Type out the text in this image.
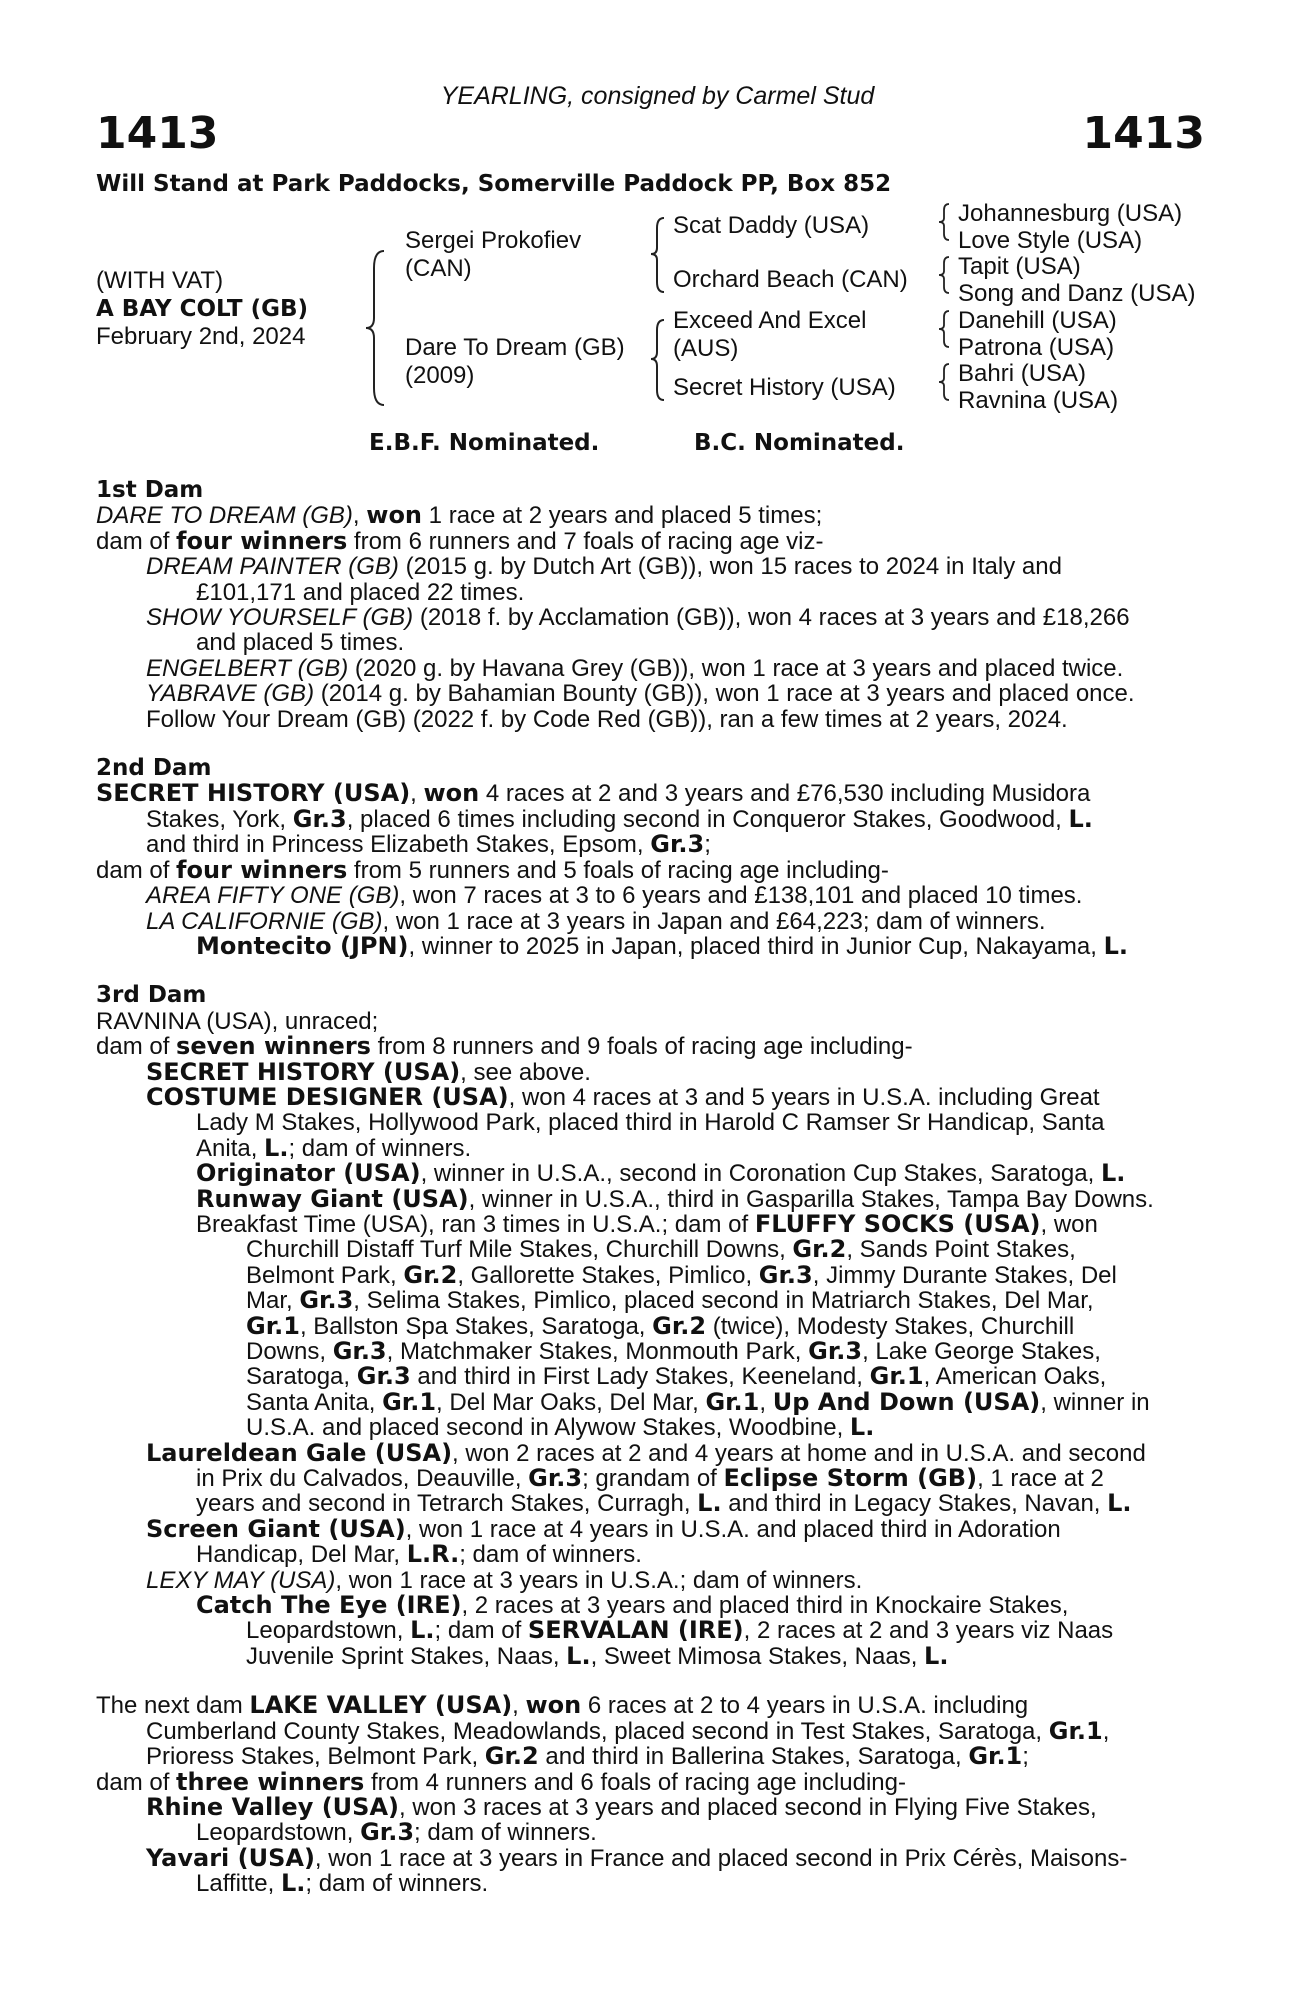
YEARLING, consigned by Carmel Stud
1413	1413
Will Stand at Park Paddocks, Somerville Paddock PP, Box 852
(WITH VAT)
A BAY COLT (GB)
February 2nd, 2024
Sergei Prokofiev
(CAN)
Dare To Dream (GB)
(2009)
Scat Daddy (USA)
Orchard Beach (CAN)
Exceed And Excel
(AUS)
Secret History (USA)
Johannesburg (USA)
Love Style (USA)
Tapit (USA)
Song and Danz (USA)
Danehill (USA)
Patrona (USA)
Bahri (USA)
Ravnina (USA)
E.B.F. Nominated.	B.C. Nominated.
1st Dam
DARE TO DREAM (GB), won 1 race at 2 years and placed 5 times;
dam of four winners from 6 runners and 7 foals of racing age viz-
DREAM PAINTER (GB) (2015 g. by Dutch Art (GB)), won 15 races to 2024 in Italy and
£101,171 and placed 22 times.
SHOW YOURSELF (GB) (2018 f. by Acclamation (GB)), won 4 races at 3 years and £18,266
and placed 5 times.
ENGELBERT (GB) (2020 g. by Havana Grey (GB)), won 1 race at 3 years and placed twice.
YABRAVE (GB) (2014 g. by Bahamian Bounty (GB)), won 1 race at 3 years and placed once.
Follow Your Dream (GB) (2022 f. by Code Red (GB)), ran a few times at 2 years, 2024.
2nd Dam
SECRET HISTORY (USA), won 4 races at 2 and 3 years and £76,530 including Musidora
Stakes, York, Gr.3, placed 6 times including second in Conqueror Stakes, Goodwood, L.
and third in Princess Elizabeth Stakes, Epsom, Gr.3;
dam of four winners from 5 runners and 5 foals of racing age including-
AREA FIFTY ONE (GB), won 7 races at 3 to 6 years and £138,101 and placed 10 times.
LA CALIFORNIE (GB), won 1 race at 3 years in Japan and £64,223; dam of winners.
Montecito (JPN), winner to 2025 in Japan, placed third in Junior Cup, Nakayama, L.
3rd Dam
RAVNINA (USA), unraced;
dam of seven winners from 8 runners and 9 foals of racing age including-
SECRET HISTORY (USA), see above.
COSTUME DESIGNER (USA), won 4 races at 3 and 5 years in U.S.A. including Great
Lady M Stakes, Hollywood Park, placed third in Harold C Ramser Sr Handicap, Santa
Anita, L.; dam of winners.
Originator (USA), winner in U.S.A., second in Coronation Cup Stakes, Saratoga, L.
Runway Giant (USA), winner in U.S.A., third in Gasparilla Stakes, Tampa Bay Downs.
Breakfast Time (USA), ran 3 times in U.S.A.; dam of FLUFFY SOCKS (USA), won
Churchill Distaff Turf Mile Stakes, Churchill Downs, Gr.2, Sands Point Stakes,
Belmont Park, Gr.2, Gallorette Stakes, Pimlico, Gr.3, Jimmy Durante Stakes, Del
Mar, Gr.3, Selima Stakes, Pimlico, placed second in Matriarch Stakes, Del Mar,
Gr.1, Ballston Spa Stakes, Saratoga, Gr.2 (twice), Modesty Stakes, Churchill
Downs, Gr.3, Matchmaker Stakes, Monmouth Park, Gr.3, Lake George Stakes,
Saratoga, Gr.3 and third in First Lady Stakes, Keeneland, Gr.1, American Oaks,
Santa Anita, Gr.1, Del Mar Oaks, Del Mar, Gr.1, Up And Down (USA), winner in
U.S.A. and placed second in Alywow Stakes, Woodbine, L.
Laureldean Gale (USA), won 2 races at 2 and 4 years at home and in U.S.A. and second
in Prix du Calvados, Deauville, Gr.3; grandam of Eclipse Storm (GB), 1 race at 2
years and second in Tetrarch Stakes, Curragh, L. and third in Legacy Stakes, Navan, L.
Screen Giant (USA), won 1 race at 4 years in U.S.A. and placed third in Adoration
Handicap, Del Mar, L.R.; dam of winners.
LEXY MAY (USA), won 1 race at 3 years in U.S.A.; dam of winners.
Catch The Eye (IRE), 2 races at 3 years and placed third in Knockaire Stakes,
Leopardstown, L.; dam of SERVALAN (IRE), 2 races at 2 and 3 years viz Naas
Juvenile Sprint Stakes, Naas, L., Sweet Mimosa Stakes, Naas, L.
The next dam LAKE VALLEY (USA), won 6 races at 2 to 4 years in U.S.A. including
Cumberland County Stakes, Meadowlands, placed second in Test Stakes, Saratoga, Gr.1,
Prioress Stakes, Belmont Park, Gr.2 and third in Ballerina Stakes, Saratoga, Gr.1;
dam of three winners from 4 runners and 6 foals of racing age including-
Rhine Valley (USA), won 3 races at 3 years and placed second in Flying Five Stakes,
Leopardstown, Gr.3; dam of winners.
Yavari (USA), won 1 race at 3 years in France and placed second in Prix Cérès, Maisons-
Laffitte, L.; dam of winners.
